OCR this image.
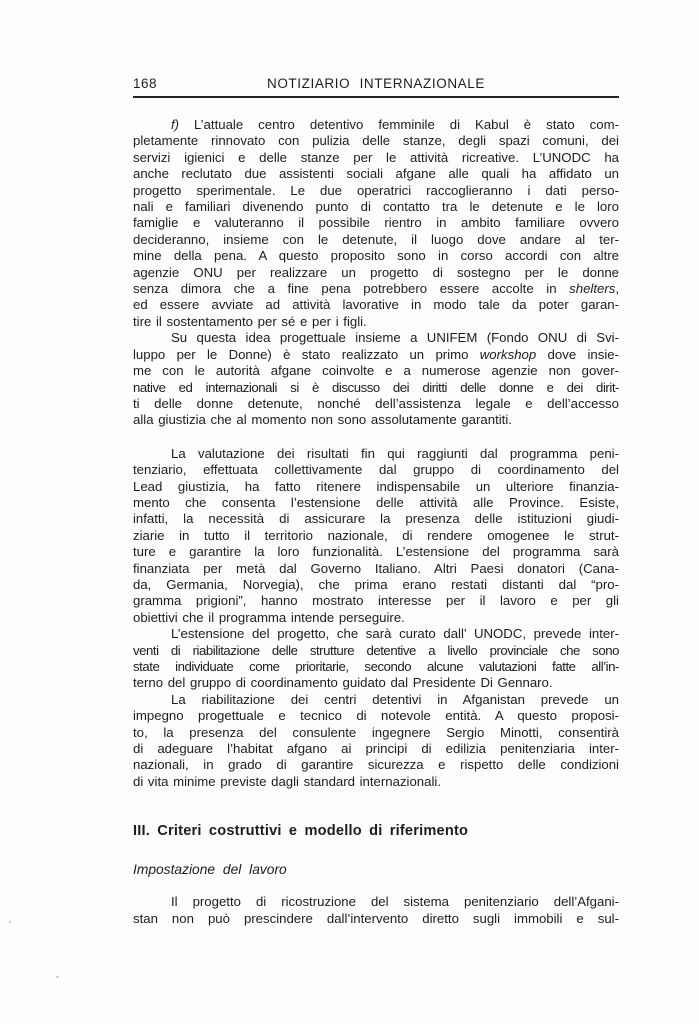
168	NOTIZIARIO INTERNAZIONALE
f) L’attuale centro detentivo femminile di Kabul è stato com-
pletamente rinnovato con pulizia delle stanze, degli spazi comuni, dei
servizi igienici e delle stanze per le attività ricreative. L’UNODC ha
anche reclutato due assistenti sociali afgane alle quali ha affidato un
progetto sperimentale. Le due operatrici raccoglieranno i dati perso-
nali e familiari divenendo punto di contatto tra le detenute e le loro
famiglie e valuteranno il possibile rientro in ambito familiare ovvero
decideranno, insieme con le detenute, il luogo dove andare al ter-
mine della pena. A questo proposito sono in corso accordi con altre
agenzie ONU per realizzare un progetto di sostegno per le donne
senza dimora che a fine pena potrebbero essere accolte in shelters,
ed essere avviate ad attività lavorative in modo tale da poter garan-
tire il sostentamento per sé e per i figli.
Su questa idea progettuale insieme a UNIFEM (Fondo ONU di Svi-
luppo per le Donne) è stato realizzato un primo workshop dove insie-
me con le autorità afgane coinvolte e a numerose agenzie non gover-
native ed internazionali si è discusso dei diritti delle donne e dei dirit-
ti delle donne detenute, nonché dell’assistenza legale e dell’accesso
alla giustizia che al momento non sono assolutamente garantiti.
La valutazione dei risultati fin qui raggiunti dal programma peni-
tenziario, effettuata collettivamente dal gruppo di coordinamento del
Lead giustizia, ha fatto ritenere indispensabile un ulteriore finanzia-
mento che consenta l’estensione delle attività alle Province. Esiste,
infatti, la necessità di assicurare la presenza delle istituzioni giudi-
ziarie in tutto il territorio nazionale, di rendere omogenee le strut-
ture e garantire la loro funzionalità. L’estensione del programma sarà
finanziata per metà dal Governo Italiano. Altri Paesi donatori (Cana-
da, Germania, Norvegia), che prima erano restati distanti dal “pro-
gramma prigioni”, hanno mostrato interesse per il lavoro e per gli
obiettivi che il programma intende perseguire.
L’estensione del progetto, che sarà curato dall’ UNODC, prevede inter-
venti di riabilitazione delle strutture detentive a livello provinciale che sono
state individuate come prioritarie, secondo alcune valutazioni fatte all’in-
terno del gruppo di coordinamento guidato dal Presidente Di Gennaro.
La riabilitazione dei centri detentivi in Afganistan prevede un
impegno progettuale e tecnico di notevole entità. A questo proposi-
to, la presenza del consulente ingegnere Sergio Minotti, consentirà
di adeguare l’habitat afgano ai principi di edilizia penitenziaria inter-
nazionali, in grado di garantire sicurezza e rispetto delle condizioni
di vita minime previste dagli standard internazionali.
III. Criteri costruttivi e modello di riferimento
Impostazione del lavoro
Il progetto di ricostruzione del sistema penitenziario dell’Afgani-
stan non può prescindere dall’intervento diretto sugli immobili e sul-
